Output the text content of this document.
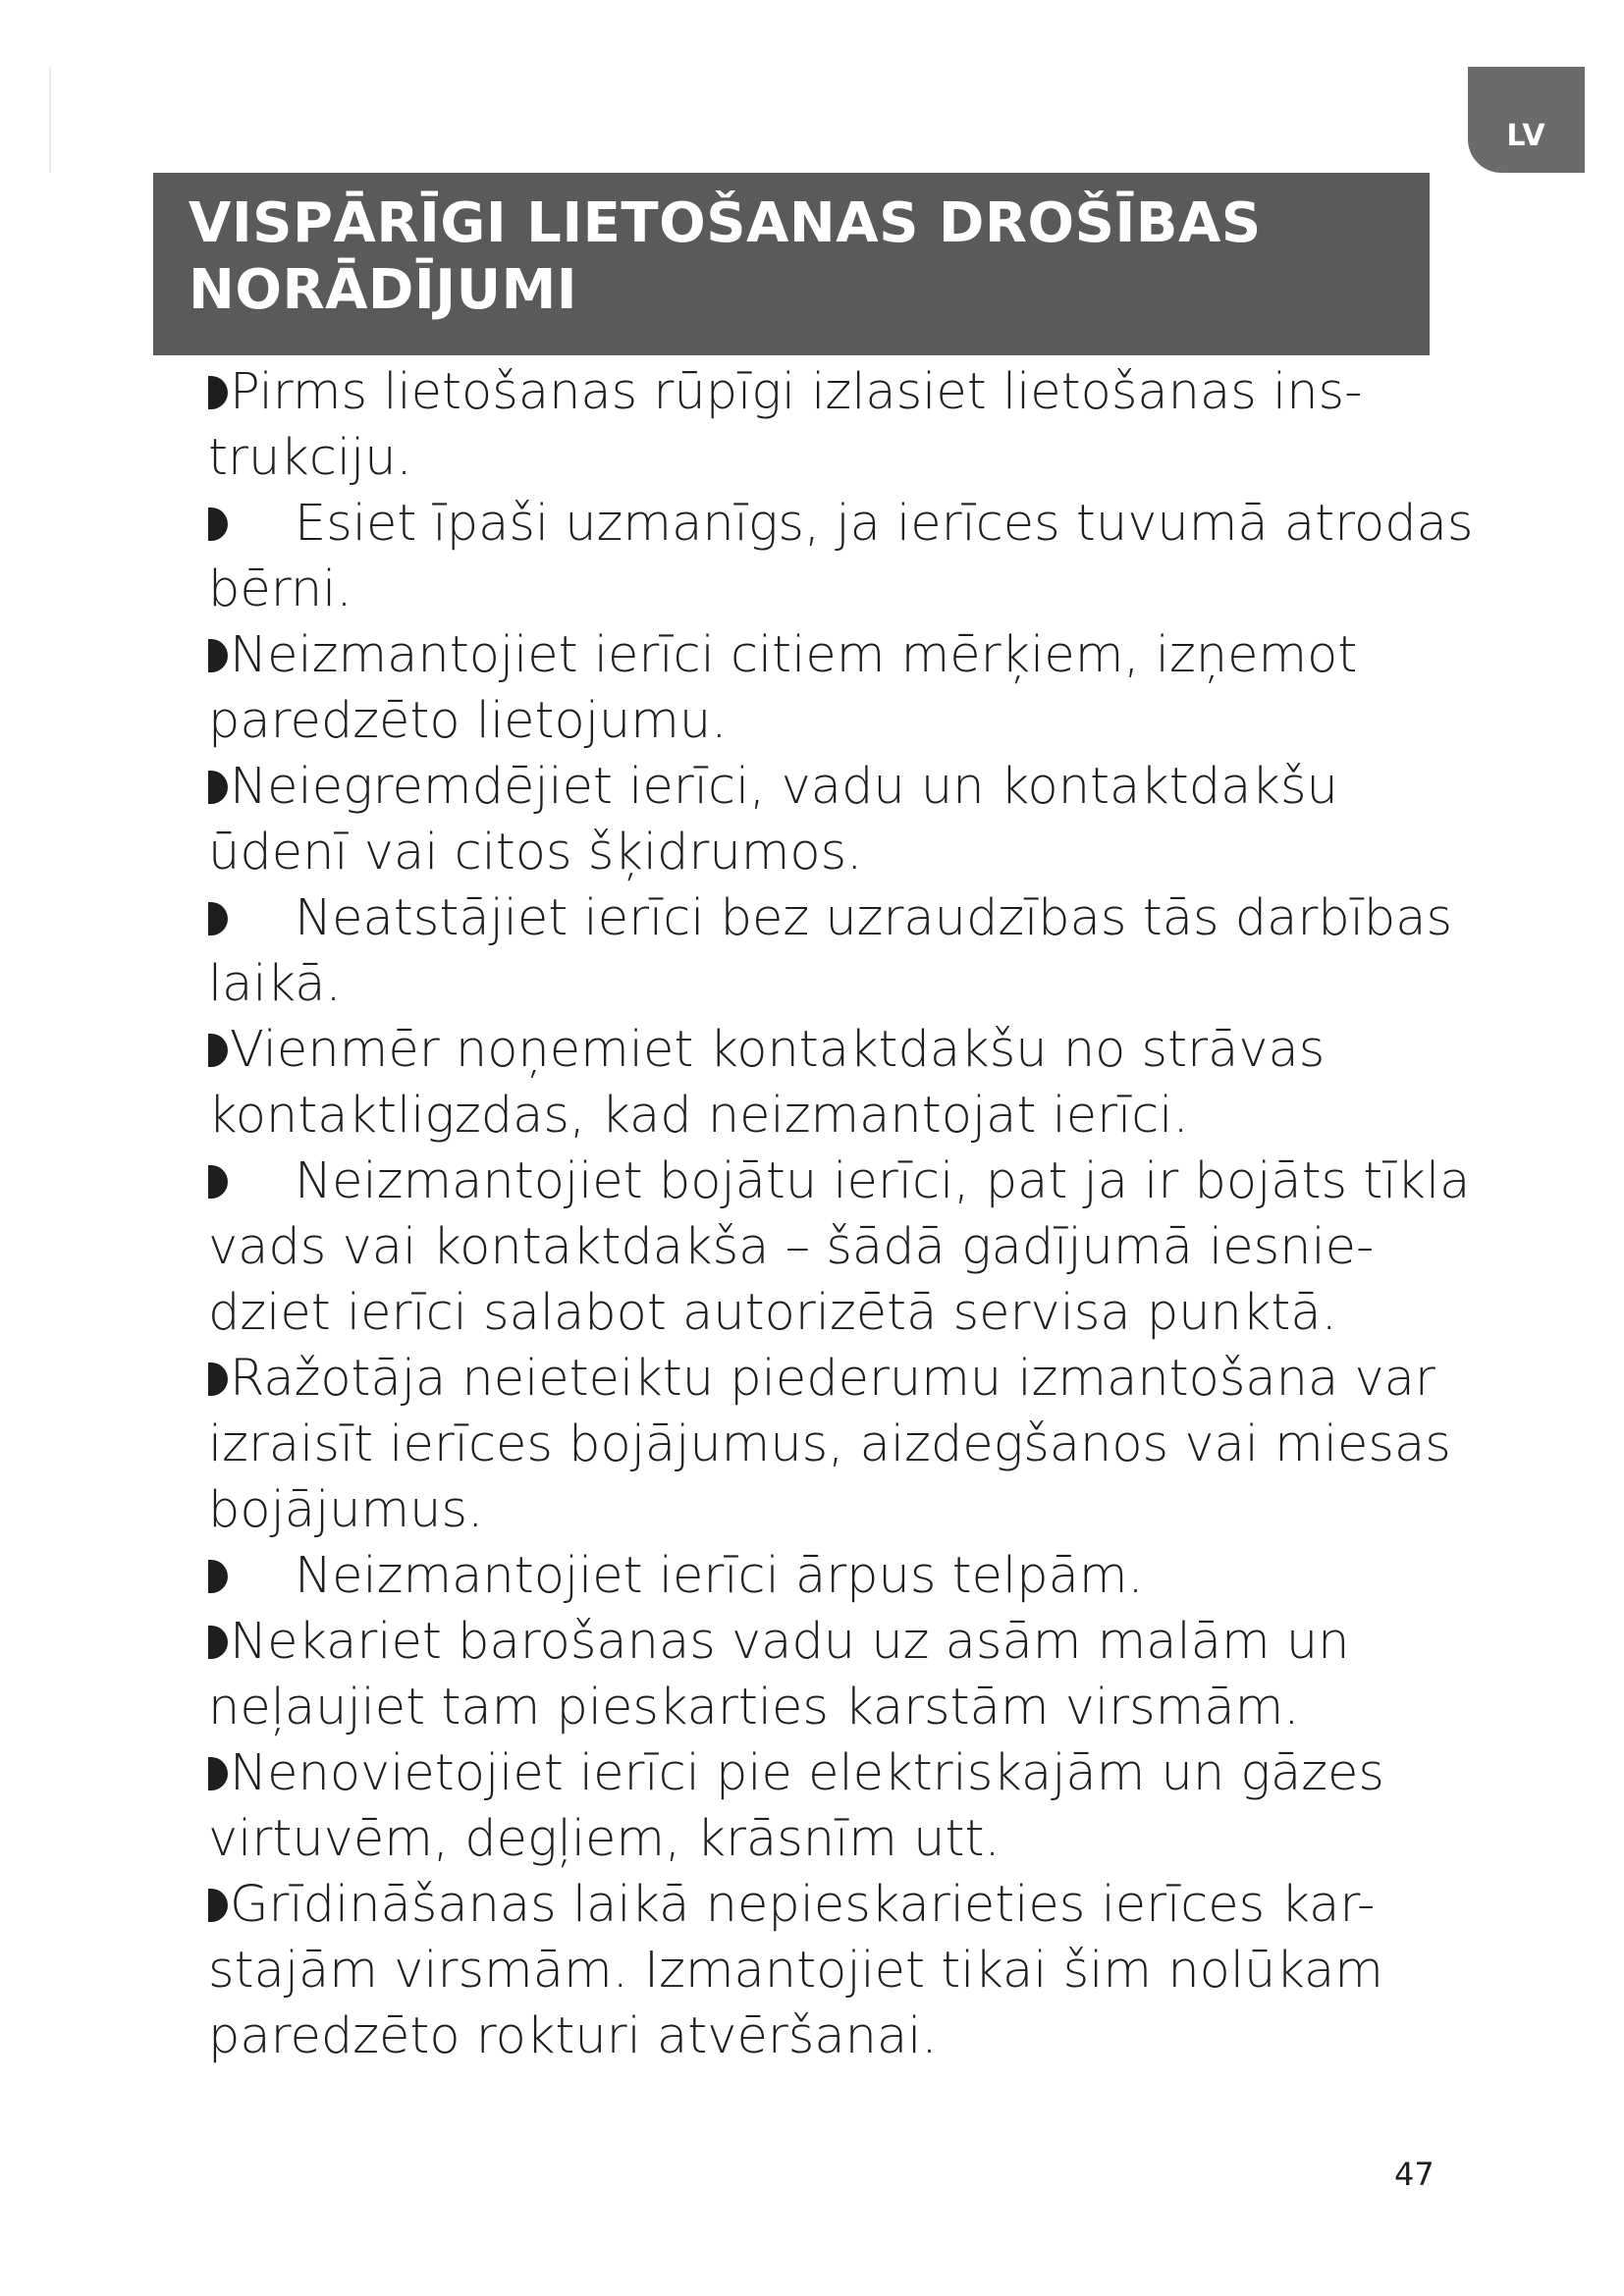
LV
VISPĀRĪGI LIETOŠANAS DROŠĪBAS
NORĀDĪJUMI
Pirms lietošanas rūpīgi izlasiet lietošanas ins-
trukciju.
Esiet īpaši uzmanīgs, ja ierīces tuvumā atrodas
bērni.
Neizmantojiet ierīci citiem mērķiem, izņemot
paredzēto lietojumu.
Neiegremdējiet ierīci, vadu un kontaktdakšu
ūdenī vai citos šķidrumos.
Neatstājiet ierīci bez uzraudzības tās darbības
laikā.
Vienmēr noņemiet kontaktdakšu no strāvas
kontaktligzdas, kad neizmantojat ierīci.
Neizmantojiet bojātu ierīci, pat ja ir bojāts tīkla
vads vai kontaktdakša – šādā gadījumā iesnie-
dziet ierīci salabot autorizētā servisa punktā.
Ražotāja neieteiktu piederumu izmantošana var
izraisīt ierīces bojājumus, aizdegšanos vai miesas
bojājumus.
Neizmantojiet ierīci ārpus telpām.
Nekariet barošanas vadu uz asām malām un
neļaujiet tam pieskarties karstām virsmām.
Nenovietojiet ierīci pie elektriskajām un gāzes
virtuvēm, degļiem, krāsnīm utt.
Grīdināšanas laikā nepieskarieties ierīces kar-
stajām virsmām. Izmantojiet tikai šim nolūkam
paredzēto rokturi atvēršanai.
47
